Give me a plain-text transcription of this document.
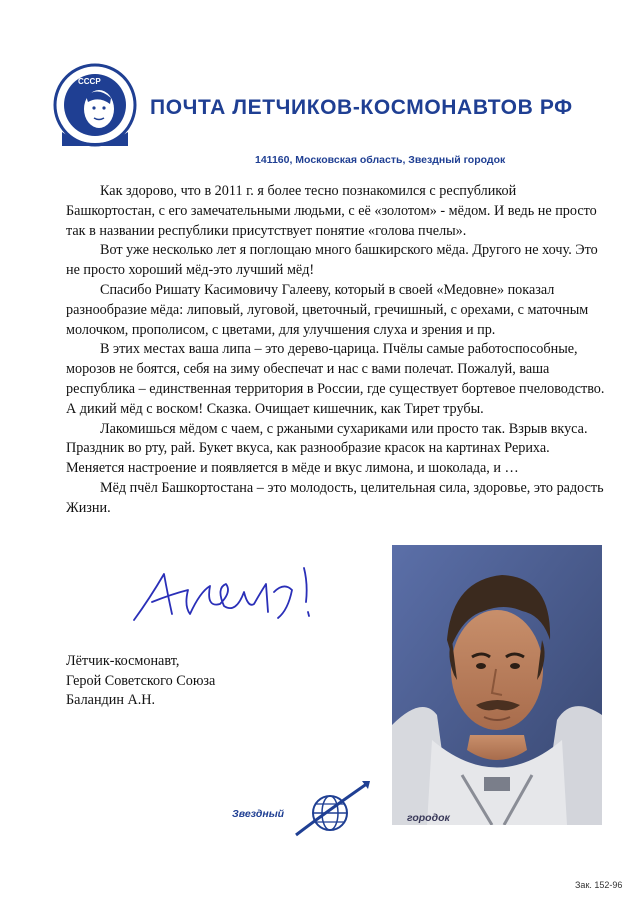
СССР
ПОЧТА ЛЕТЧИКОВ-КОСМОНАВТОВ РФ
141160, Московская область, Звездный городок

Как здорово, что в 2011 г. я более тесно познакомился с республикой Башкортостан, с его замечательными людьми, с её «золотом» - мёдом. И ведь не просто так в названии республики присутствует понятие «голова пчелы».

Вот уже несколько лет я поглощаю много башкирского мёда. Другого не хочу. Это не просто хороший мёд-это лучший мёд!

Спасибо Ришату Касимовичу Галееву, который в своей «Медовне» показал разнообразие мёда: липовый, луговой, цветочный, гречишный, с орехами, с маточным молочком, прополисом, с цветами, для улучшения слуха и зрения и пр.

В этих местах ваша липа – это дерево-царица. Пчёлы самые работоспособные, морозов не боятся, себя на зиму обеспечат и нас с вами полечат. Пожалуй, ваша республика – единственная территория в России, где существует бортевое пчеловодство. А дикий мёд с воском! Сказка. Очищает кишечник, как Тирет трубы.

Лакомишься мёдом с чаем, с ржаными сухариками или просто так. Взрыв вкуса. Праздник во рту, рай. Букет вкуса, как разнообразие красок на картинах Рериха. Меняется настроение и появляется в мёде и вкус лимона, и шоколада, и …

Мёд пчёл Башкортостана – это молодость, целительная сила, здоровье, это радость Жизни.

Лётчик-космонавт,
Герой Советского Союза
Баландин А.Н.
Звездный	городок
Зак. 152-96
